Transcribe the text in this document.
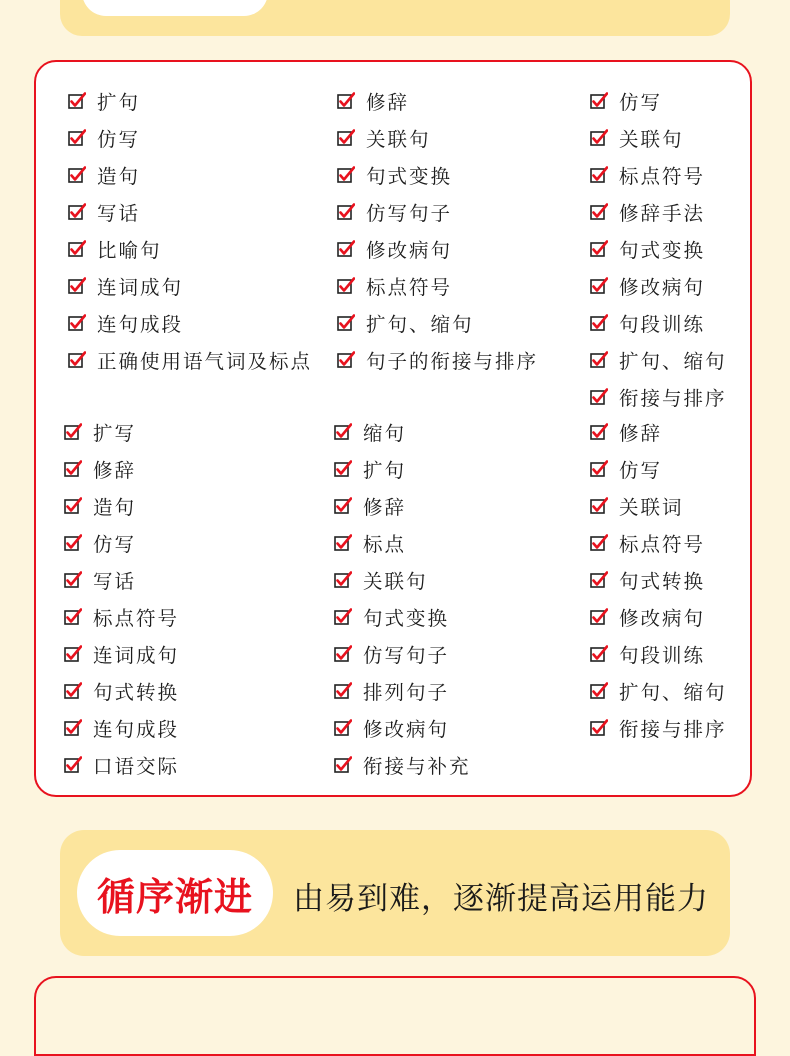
扩句
仿写
造句
写话
比喻句
连词成句
连句成段
正确使用语气词及标点
修辞
关联句
句式变换
仿写句子
修改病句
标点符号
扩句、缩句
句子的衔接与排序
仿写
关联句
标点符号
修辞手法
句式变换
修改病句
句段训练
扩句、缩句
衔接与排序
扩写
修辞
造句
仿写
写话
标点符号
连词成句
句式转换
连句成段
口语交际
缩句
扩句
修辞
标点
关联句
句式变换
仿写句子
排列句子
修改病句
衔接与补充
修辞
仿写
关联词
标点符号
句式转换
修改病句
句段训练
扩句、缩句
衔接与排序
循序渐进 由易到难，逐渐提高运用能力
